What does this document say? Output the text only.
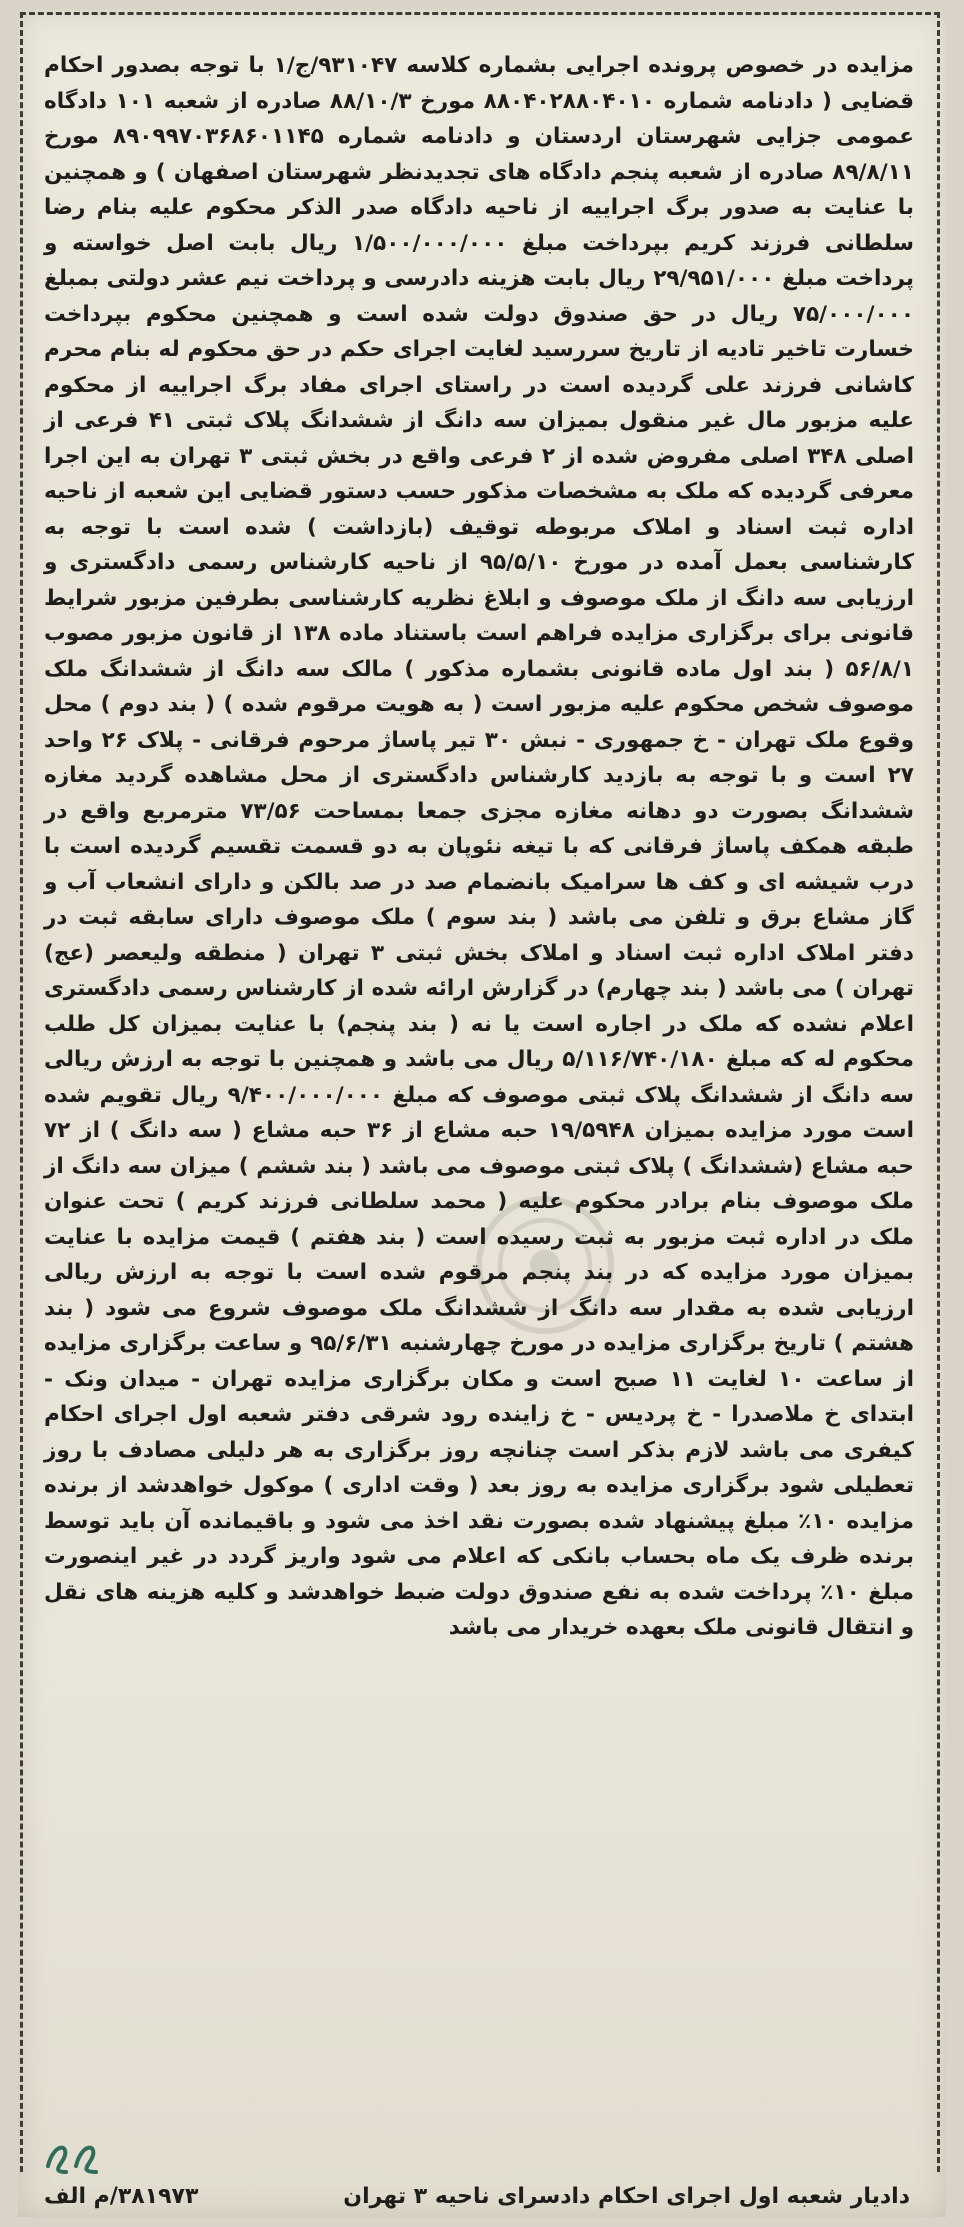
مزایده در خصوص پرونده اجرایی بشماره کلاسه ۹۳۱۰۴۷/ج/۱ با توجه بصدور احکام قضایی ( دادنامه شماره ۸۸۰۴۰۲۸۸۰۴۰۱۰ مورخ ۸۸/۱۰/۳ صادره از شعبه ۱۰۱ دادگاه عمومی جزایی شهرستان اردستان و دادنامه شماره ۸۹۰۹۹۷۰۳۶۸۶۰۱۱۴۵ مورخ ۸۹/۸/۱۱ صادره از شعبه پنجم دادگاه های تجدیدنظر شهرستان اصفهان ) و همچنین با عنایت به صدور برگ اجراییه از ناحیه دادگاه صدر الذکر محکوم علیه بنام رضا سلطانی فرزند کریم بپرداخت مبلغ ۱/۵۰۰/۰۰۰/۰۰۰ ریال بابت اصل خواسته و پرداخت مبلغ ۲۹/۹۵۱/۰۰۰ ریال بابت هزینه دادرسی و پرداخت نیم عشر دولتی بمبلغ ۷۵/۰۰۰/۰۰۰ ریال در حق صندوق دولت شده است و همچنین محکوم بپرداخت خسارت تاخیر تادیه از تاریخ سررسید لغایت اجرای حکم در حق محکوم له بنام محرم کاشانی فرزند علی گردیده است در راستای اجرای مفاد برگ اجراییه از محکوم علیه مزبور مال غیر منقول بمیزان سه دانگ از ششدانگ پلاک ثبتی ۴۱ فرعی از اصلی ۳۴۸ اصلی مفروض شده از ۲ فرعی واقع در بخش ثبتی ۳ تهران به این اجرا معرفی گردیده که ملک به مشخصات مذکور حسب دستور قضایی این شعبه از ناحیه اداره ثبت اسناد و املاک مربوطه توقیف (بازداشت ) شده است با توجه به کارشناسی بعمل آمده در مورخ ۹۵/۵/۱۰ از ناحیه کارشناس رسمی دادگستری و ارزیابی سه دانگ از ملک موصوف و ابلاغ نظریه کارشناسی بطرفین مزبور شرایط قانونی برای برگزاری مزایده فراهم است باستناد ماده ۱۳۸ از قانون مزبور مصوب ۵۶/۸/۱ ( بند اول ماده قانونی بشماره مذکور ) مالک سه دانگ از ششدانگ ملک موصوف شخص محکوم علیه مزبور است ( به هویت مرقوم شده ) ( بند دوم ) محل وقوع ملک تهران - خ جمهوری - نبش ۳۰ تیر پاساژ مرحوم فرقانی - پلاک ۲۶ واحد ۲۷ است و با توجه به بازدید کارشناس دادگستری از محل مشاهده گردید مغازه ششدانگ بصورت دو دهانه مغازه مجزی جمعا بمساحت ۷۳/۵۶ مترمربع واقع در طبقه همکف پاساژ فرقانی که با تیغه نئوپان به دو قسمت تقسیم گردیده است با درب شیشه ای و کف ها سرامیک بانضمام صد در صد بالکن و دارای انشعاب آب و گاز مشاع برق و تلفن می باشد ( بند سوم ) ملک موصوف دارای سابقه ثبت در دفتر املاک اداره ثبت اسناد و املاک بخش ثبتی ۳ تهران ( منطقه ولیعصر (عج) تهران ) می باشد ( بند چهارم) در گزارش ارائه شده از کارشناس رسمی دادگستری اعلام نشده که ملک در اجاره است یا نه ( بند پنجم) با عنایت بمیزان کل طلب محکوم له که مبلغ ۵/۱۱۶/۷۴۰/۱۸۰ ریال می باشد و همچنین با توجه به ارزش ریالی سه دانگ از ششدانگ پلاک ثبتی موصوف که مبلغ ۹/۴۰۰/۰۰۰/۰۰۰ ریال تقویم شده است مورد مزایده بمیزان ۱۹/۵۹۴۸ حبه مشاع از ۳۶ حبه مشاع ( سه دانگ ) از ۷۲ حبه مشاع (ششدانگ ) پلاک ثبتی موصوف می باشد ( بند ششم ) میزان سه دانگ از ملک موصوف بنام برادر محکوم علیه ( محمد سلطانی فرزند کریم ) تحت عنوان ملک در اداره ثبت مزبور به ثبت رسیده است ( بند هفتم ) قیمت مزایده با عنایت بمیزان مورد مزایده که در بند پنجم مرقوم شده است با توجه به ارزش ریالی ارزیابی شده به مقدار سه دانگ از ششدانگ ملک موصوف شروع می شود ( بند هشتم ) تاریخ برگزاری مزایده در مورخ چهارشنبه ۹۵/۶/۳۱ و ساعت برگزاری مزایده از ساعت ۱۰ لغایت ۱۱ صبح است و مکان برگزاری مزایده تهران - میدان ونک - ابتدای خ ملاصدرا - خ پردیس - خ زاینده رود شرقی دفتر شعبه اول اجرای احکام کیفری می باشد لازم بذکر است چنانچه روز برگزاری به هر دلیلی مصادف با روز تعطیلی شود برگزاری مزایده به روز بعد ( وقت اداری ) موکول خواهدشد از برنده مزایده ۱۰٪ مبلغ پیشنهاد شده بصورت نقد اخذ می شود و باقیمانده آن باید توسط برنده ظرف یک ماه بحساب بانکی که اعلام می شود واریز گردد در غیر اینصورت مبلغ ۱۰٪ پرداخت شده به نفع صندوق دولت ضبط خواهدشد و کلیه هزینه های نقل و انتقال قانونی ملک بعهده خریدار می باشد

دادیار شعبه اول اجرای احکام دادسرای ناحیه ۳ تهران
۳۸۱۹۷۳/م الف
